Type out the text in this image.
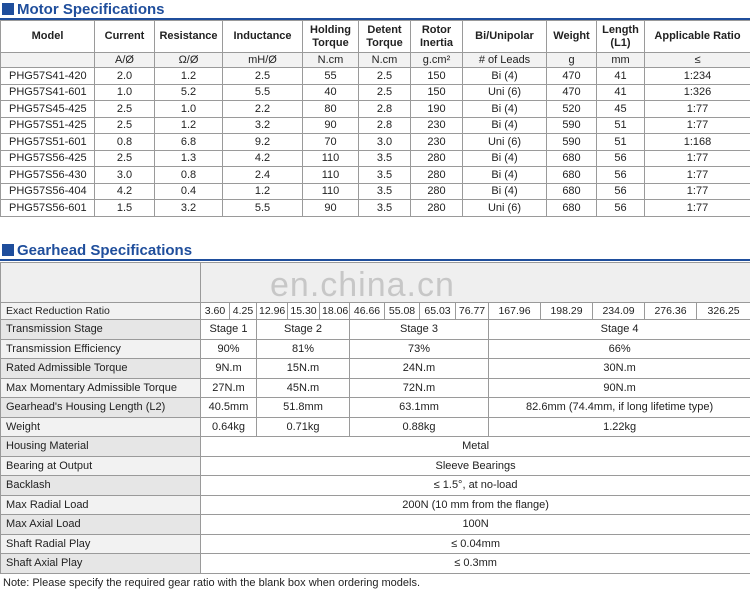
Motor Specifications
Model	Current	Resistance	Inductance	Holding Torque	Detent Torque	Rotor Inertia	Bi/Unipolar	Weight	Length (L1)	Applicable Ratio
	A/Ø	Ω/Ø	mH/Ø	N.cm	N.cm	g.cm²	# of Leads	g	mm	≤
PHG57S41-420	2.0	1.2	2.5	55	2.5	150	Bi (4)	470	41	1:234
PHG57S41-601	1.0	5.2	5.5	40	2.5	150	Uni (6)	470	41	1:326
PHG57S45-425	2.5	1.0	2.2	80	2.8	190	Bi (4)	520	45	1:77
PHG57S51-425	2.5	1.2	3.2	90	2.8	230	Bi (4)	590	51	1:77
PHG57S51-601	0.8	6.8	9.2	70	3.0	230	Uni (6)	590	51	1:168
PHG57S56-425	2.5	1.3	4.2	110	3.5	280	Bi (4)	680	56	1:77
PHG57S56-430	3.0	0.8	2.4	110	3.5	280	Bi (4)	680	56	1:77
PHG57S56-404	4.2	0.4	1.2	110	3.5	280	Bi (4)	680	56	1:77
PHG57S56-601	1.5	3.2	5.5	90	3.5	280	Uni (6)	680	56	1:77
Gearhead Specifications

Exact Reduction Ratio	3.60	4.25	12.96	15.30	18.06	46.66	55.08	65.03	76.77	167.96	198.29	234.09	276.36	326.25
Transmission Stage	Stage 1		Stage 2			Stage 3				Stage 4				
Transmission Efficiency	90%		81%			73%				66%				
Rated Admissible Torque	9N.m		15N.m			24N.m				30N.m				
Max Momentary Admissible Torque	27N.m		45N.m			72N.m				90N.m				
Gearhead's Housing Length (L2)	40.5mm		51.8mm			63.1mm				82.6mm (74.4mm, if long lifetime type)				
Weight	0.64kg		0.71kg			0.88kg				1.22kg				
Housing Material	Metal													
Bearing at Output	Sleeve Bearings													
Backlash	≤ 1.5°, at no-load													
Max Radial Load	200N (10 mm from the flange)													
Max Axial Load	100N													
Shaft Radial Play	≤ 0.04mm													
Shaft Axial Play	≤ 0.3mm													
en.china.cn
Note: Please specify the required gear ratio with the blank box when ordering models.
